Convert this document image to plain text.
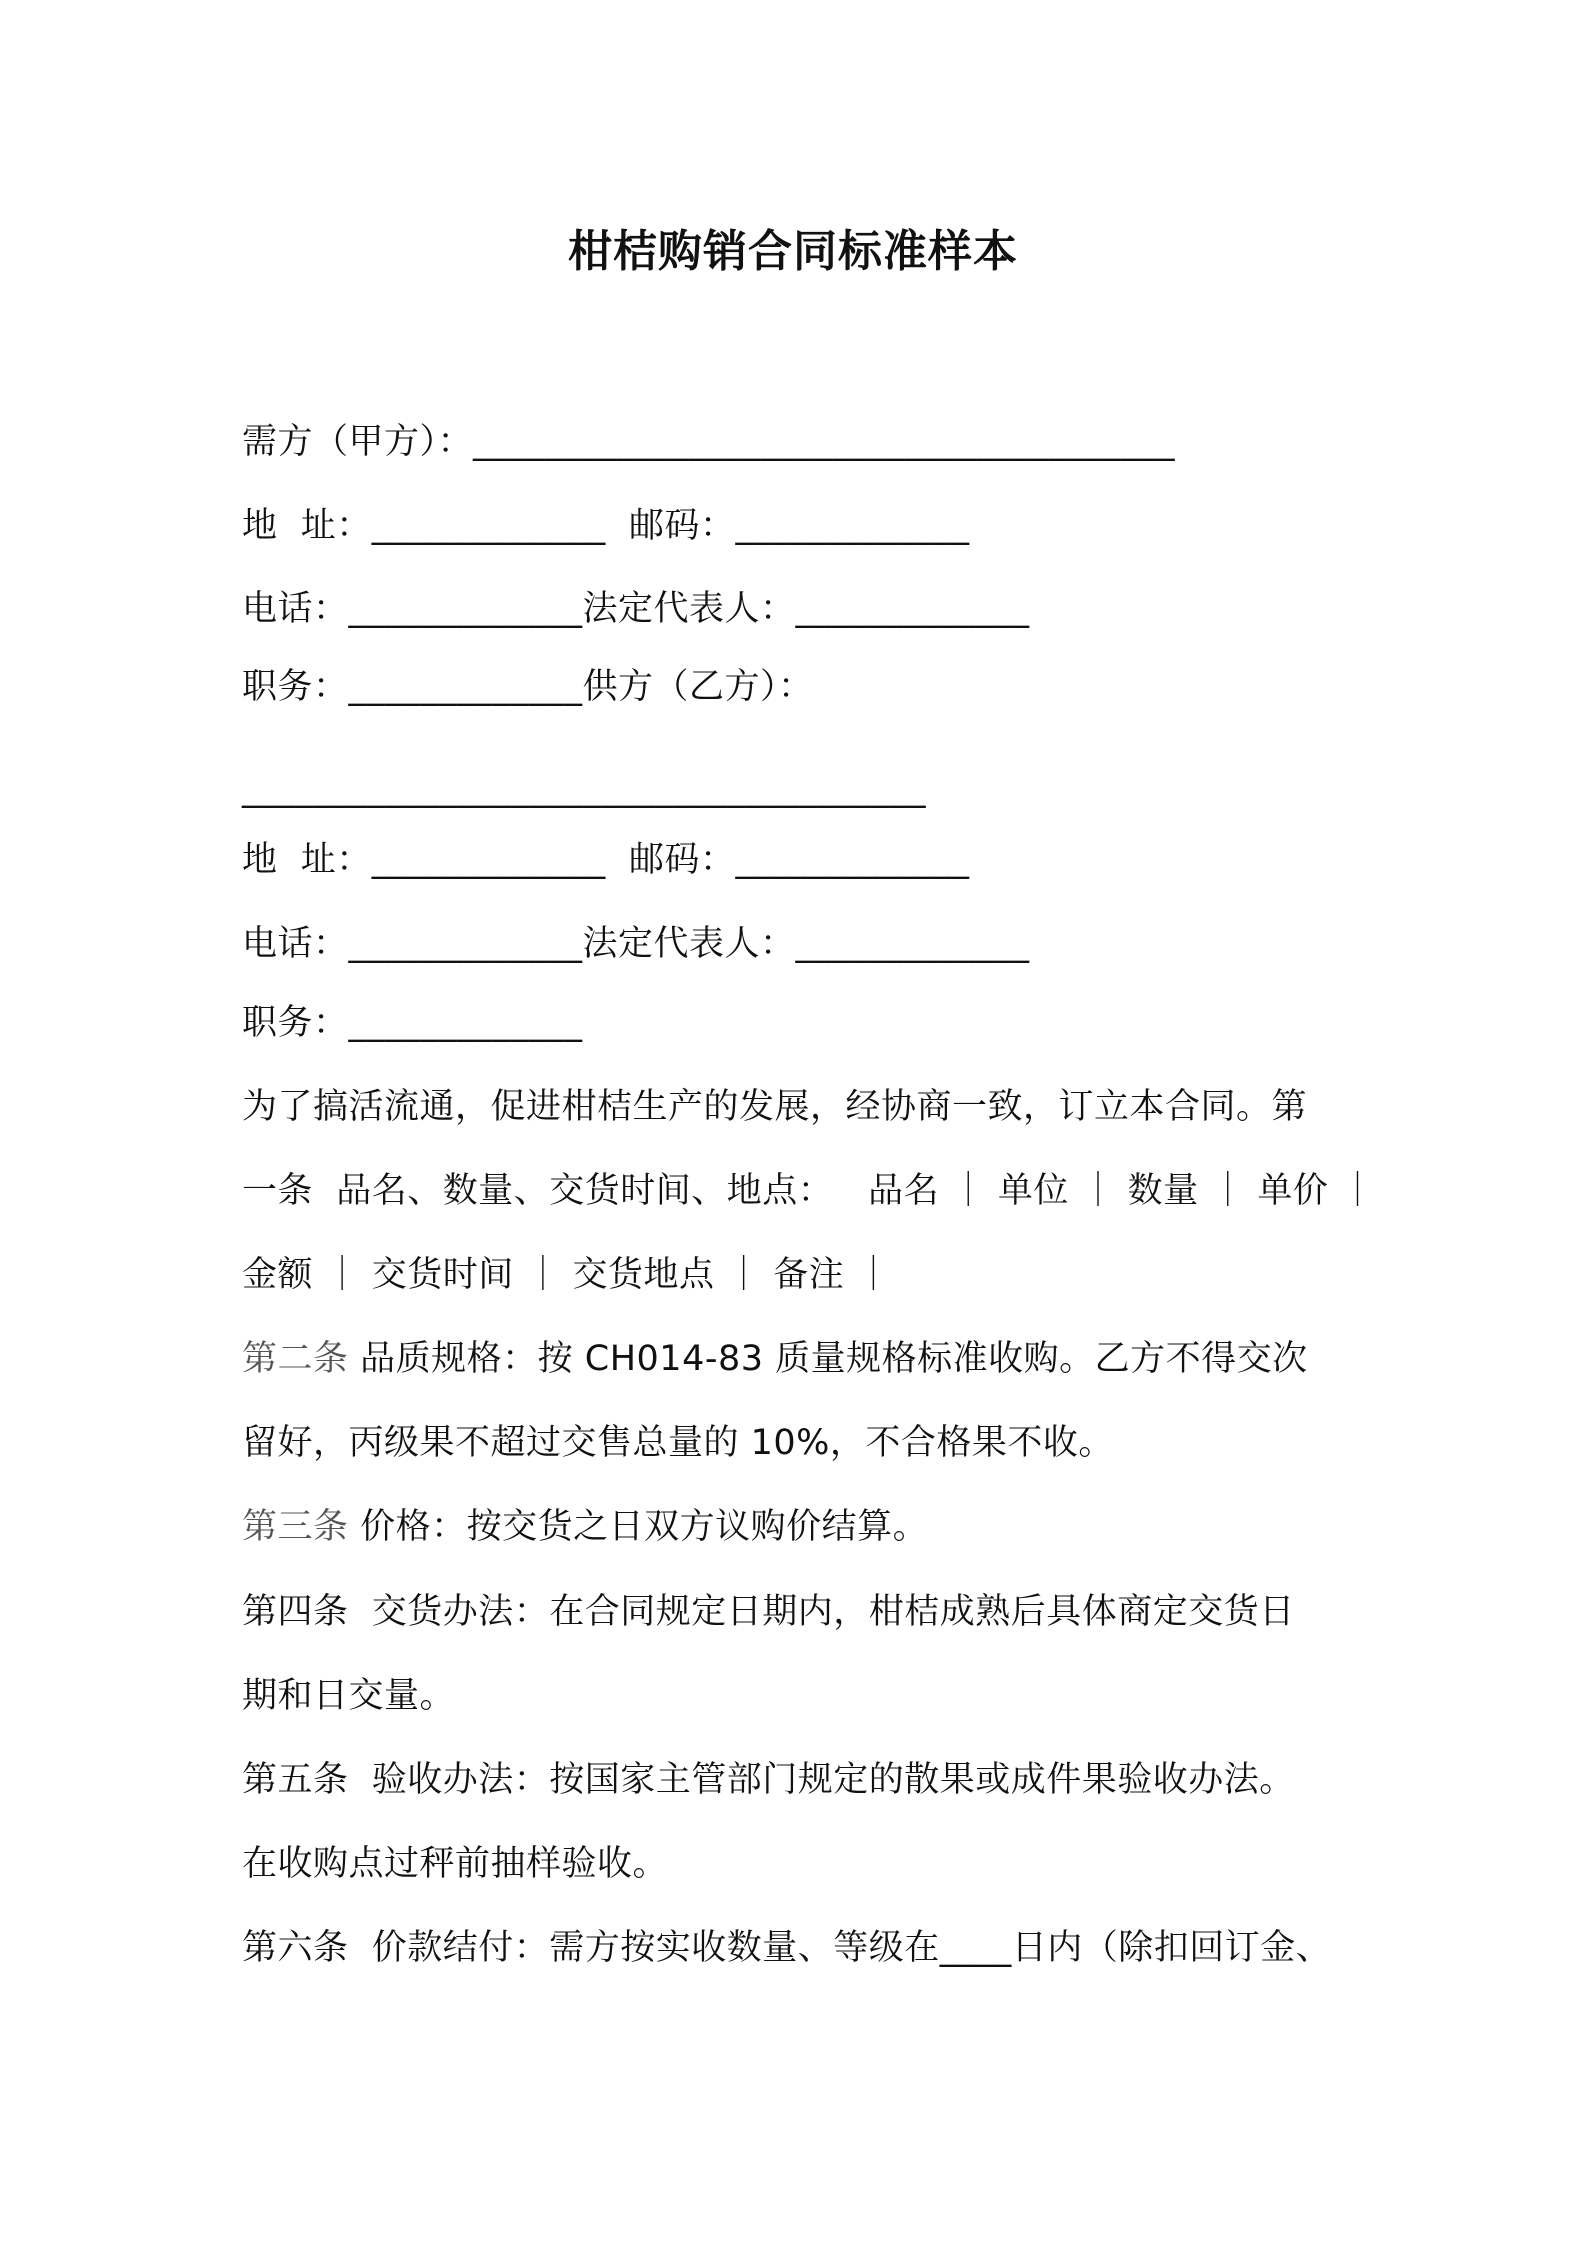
柑桔购销合同标准样本
需方（甲方）：_______________________________________
地  址：_____________  邮码：_____________
电话：_____________法定代表人：_____________
职务：_____________供方（乙方）：
______________________________________
地  址：_____________  邮码：_____________
电话：_____________法定代表人：_____________
职务：_____________
为了搞活流通，促进柑桔生产的发展，经协商一致，订立本合同。第
一条  品名、数量、交货时间、地点：   品名 ｜ 单位 ｜ 数量 ｜ 单价 ｜
金额 ｜ 交货时间 ｜ 交货地点 ｜ 备注 ｜
第二条 品质规格：按 CH014-83 质量规格标准收购。乙方不得交次
留好，丙级果不超过交售总量的 10%，不合格果不收。
第三条 价格：按交货之日双方议购价结算。
第四条  交货办法：在合同规定日期内，柑桔成熟后具体商定交货日
期和日交量。
第五条  验收办法：按国家主管部门规定的散果或成件果验收办法。
在收购点过秤前抽样验收。
第六条  价款结付：需方按实收数量、等级在____日内（除扣回订金、
